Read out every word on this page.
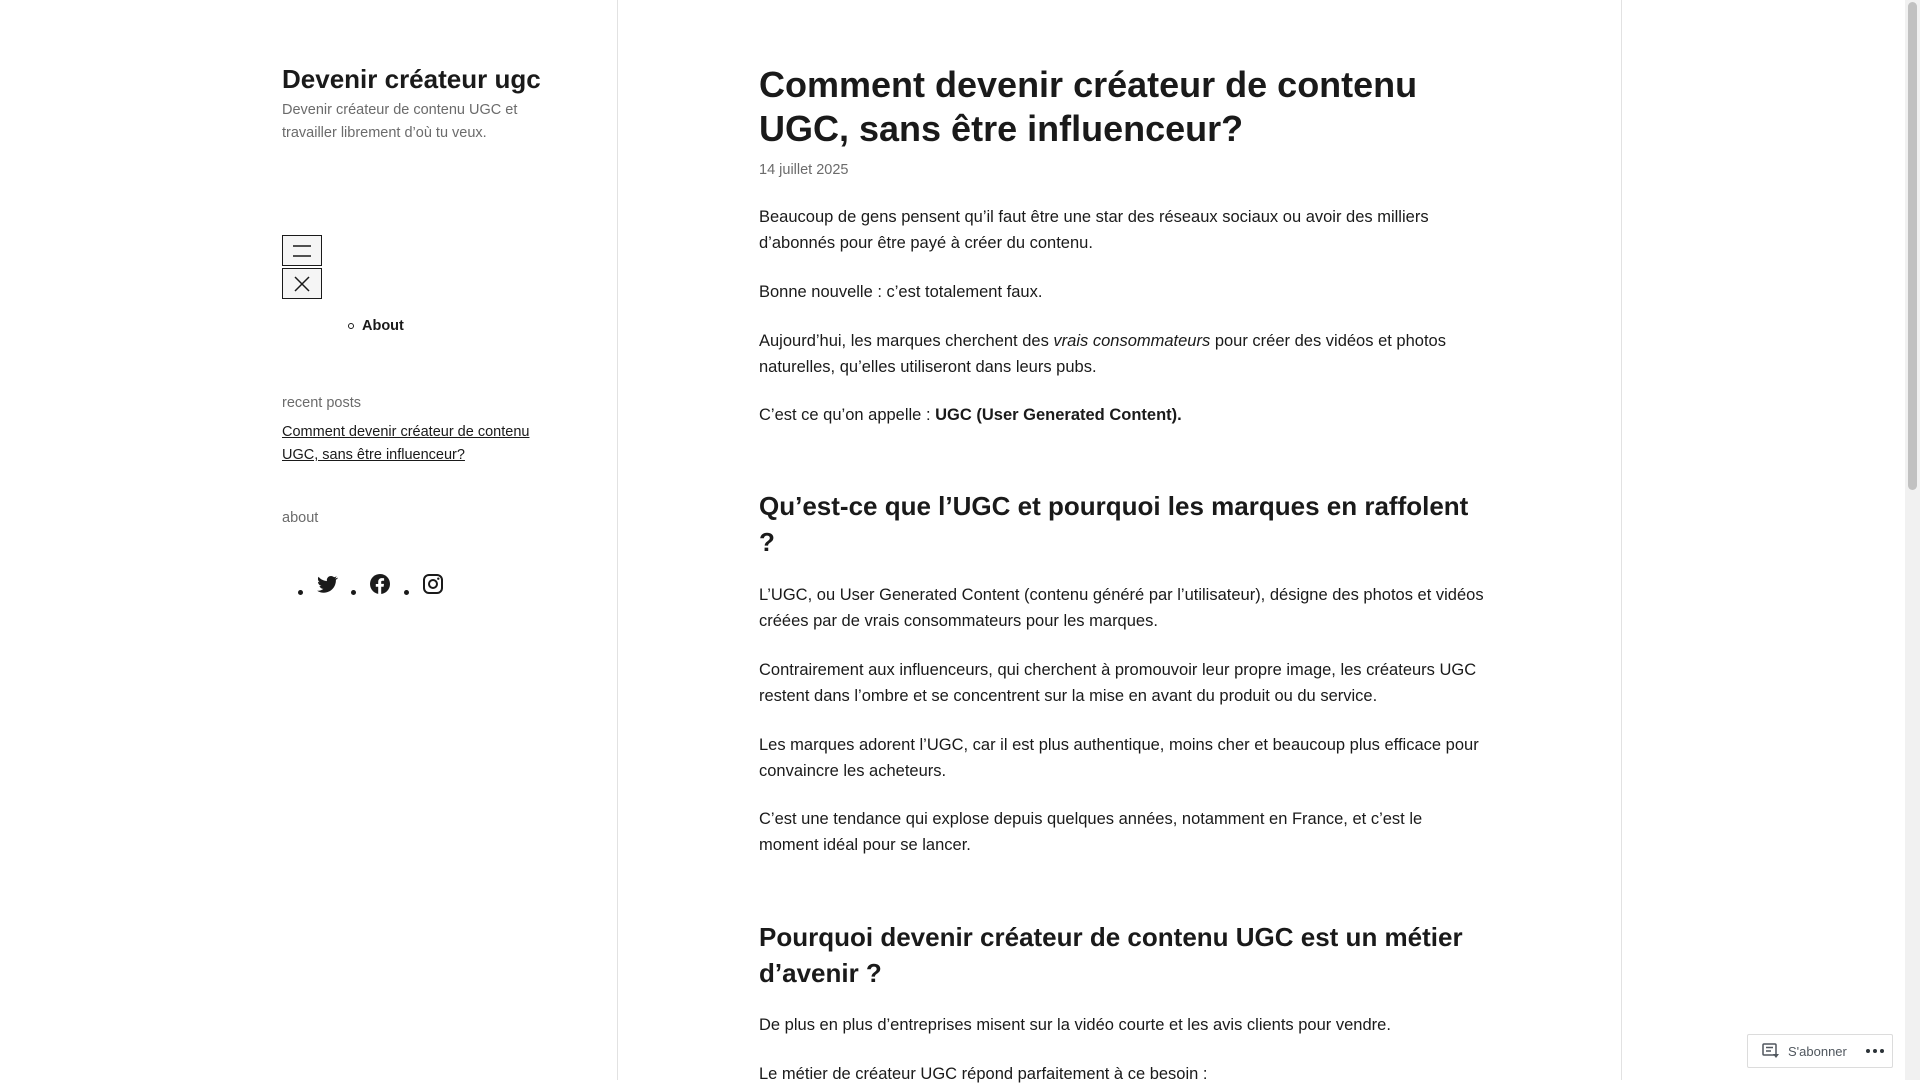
Devenir créateur ugc

Devenir créateur de contenu UGC et travailler librement d’où tu veux.

About
recent posts
Comment devenir créateur de contenu UGC, sans être influenceur?
about
Comment devenir créateur de contenu UGC, sans être influenceur?
14 juillet 2025

Beaucoup de gens pensent qu’il faut être une star des réseaux sociaux ou avoir des milliers d’abonnés pour être payé à créer du contenu.

Bonne nouvelle : c’est totalement faux.

Aujourd’hui, les marques cherchent des vrais consommateurs pour créer des vidéos et photos naturelles, qu’elles utiliseront dans leurs pubs.

C’est ce qu’on appelle : UGC (User Generated Content).

Qu’est-ce que l’UGC et pourquoi les marques en raffolent ?

L’UGC, ou User Generated Content (contenu généré par l’utilisateur), désigne des photos et vidéos créées par de vrais consommateurs pour les marques.

Contrairement aux influenceurs, qui cherchent à promouvoir leur propre image, les créateurs UGC restent dans l’ombre et se concentrent sur la mise en avant du produit ou du service.

Les marques adorent l’UGC, car il est plus authentique, moins cher et beaucoup plus efficace pour convaincre les acheteurs.

C’est une tendance qui explose depuis quelques années, notamment en France, et c’est le moment idéal pour se lancer.

Pourquoi devenir créateur de contenu UGC est un métier d’avenir ?

De plus en plus d’entreprises misent sur la vidéo courte et les avis clients pour vendre.

Le métier de créateur UGC répond parfaitement à ce besoin :

S'abonner
